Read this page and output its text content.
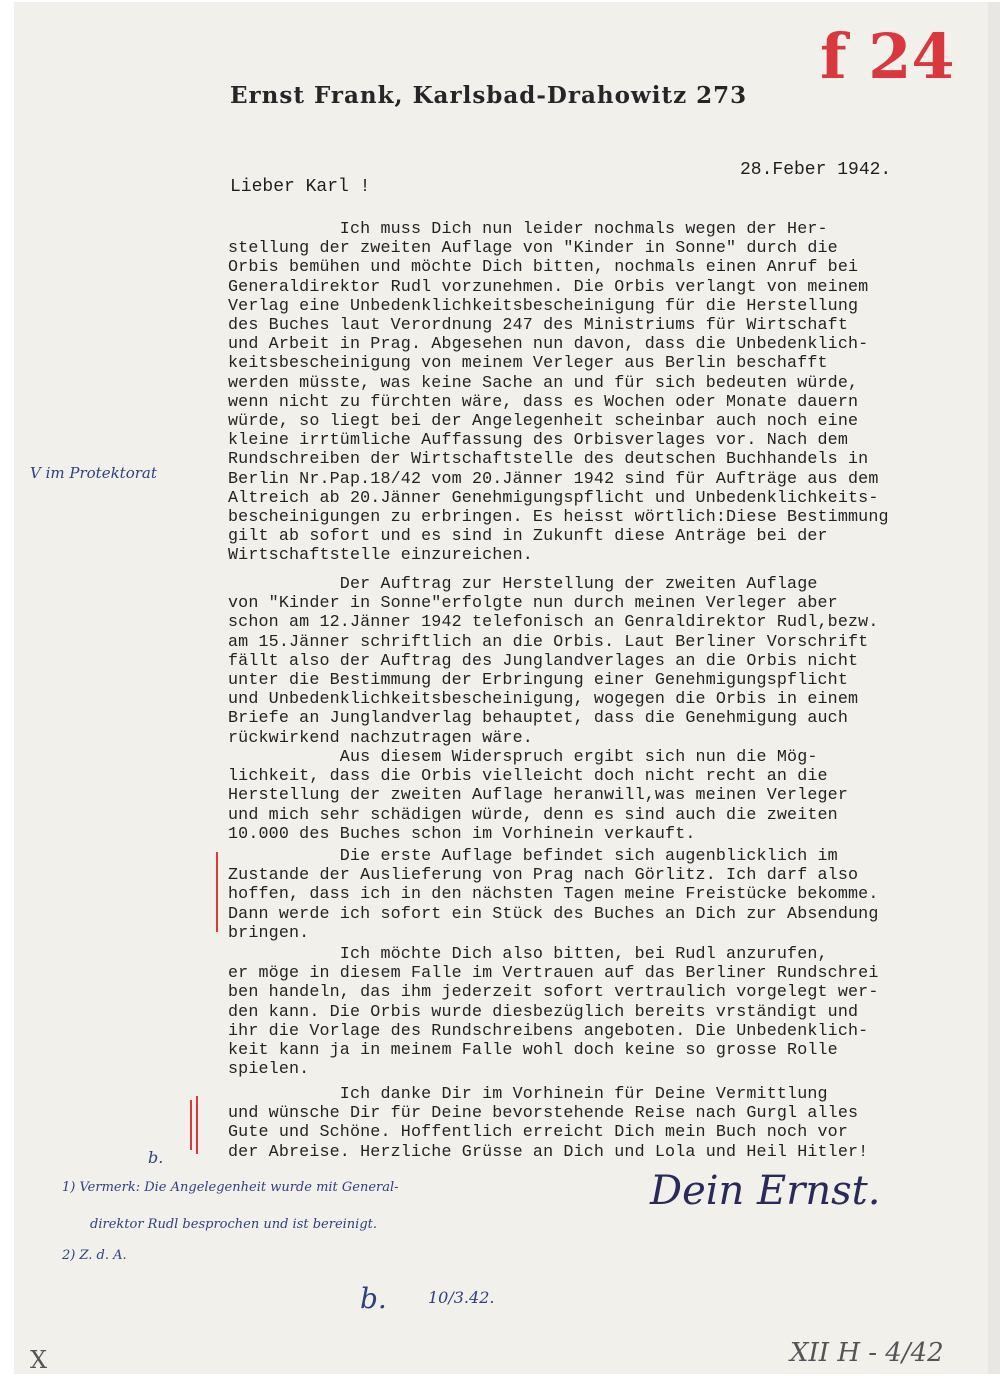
Ernst Frank, Karlsbad-Drahowitz 273
28.Feber 1942.
Lieber Karl !
Ich muss Dich nun leider nochmals wegen der Her-
stellung der zweiten Auflage von "Kinder in Sonne" durch die
Orbis bemühen und möchte Dich bitten, nochmals einen Anruf bei
Generaldirektor Rudl vorzunehmen. Die Orbis verlangt von meinem
Verlag eine Unbedenklichkeitsbescheinigung für die Herstellung
des Buches laut Verordnung 247 des Ministriums für Wirtschaft
und Arbeit in Prag. Abgesehen nun davon, dass die Unbedenklich-
keitsbescheinigung von meinem Verleger aus Berlin beschafft
werden müsste, was keine Sache an und für sich bedeuten würde,
wenn nicht zu fürchten wäre, dass es Wochen oder Monate dauern
würde, so liegt bei der Angelegenheit scheinbar auch noch eine
kleine irrtümliche Auffassung des Orbisverlages vor. Nach dem
Rundschreiben der Wirtschaftstelle des deutschen Buchhandels in
Berlin Nr.Pap.18/42 vom 20.Jänner 1942 sind für Aufträge aus dem
Altreich ab 20.Jänner Genehmigungspflicht und Unbedenklichkeits-
bescheinigungen zu erbringen. Es heisst wörtlich:Diese Bestimmung
gilt ab sofort und es sind in Zukunft diese Anträge bei der
Wirtschaftstelle einzureichen.
Der Auftrag zur Herstellung der zweiten Auflage
von "Kinder in Sonne"erfolgte nun durch meinen Verleger aber
schon am 12.Jänner 1942 telefonisch an Genraldirektor Rudl,bezw.
am 15.Jänner schriftlich an die Orbis. Laut Berliner Vorschrift
fällt also der Auftrag des Junglandverlages an die Orbis nicht
unter die Bestimmung der Erbringung einer Genehmigungspflicht
und Unbedenklichkeitsbescheinigung, wogegen die Orbis in einem
Briefe an Junglandverlag behauptet, dass die Genehmigung auch
rückwirkend nachzutragen wäre.
Aus diesem Widerspruch ergibt sich nun die Mög-
lichkeit, dass die Orbis vielleicht doch nicht recht an die
Herstellung der zweiten Auflage heranwill,was meinen Verleger
und mich sehr schädigen würde, denn es sind auch die zweiten
10.000 des Buches schon im Vorhinein verkauft.
Die erste Auflage befindet sich augenblicklich im
Zustande der Auslieferung von Prag nach Görlitz. Ich darf also
hoffen, dass ich in den nächsten Tagen meine Freistücke bekomme.
Dann werde ich sofort ein Stück des Buches an Dich zur Absendung
bringen.
Ich möchte Dich also bitten, bei Rudl anzurufen,
er möge in diesem Falle im Vertrauen auf das Berliner Rundschrei
ben handeln, das ihm jederzeit sofort vertraulich vorgelegt wer-
den kann. Die Orbis wurde diesbezüglich bereits vrständigt und
ihr die Vorlage des Rundschreibens angeboten. Die Unbedenklich-
keit kann ja in meinem Falle wohl doch keine so grosse Rolle
spielen.
Ich danke Dir im Vorhinein für Deine Vermittlung
und wünsche Dir für Deine bevorstehende Reise nach Gurgl alles
Gute und Schöne. Hoffentlich erreicht Dich mein Buch noch vor
der Abreise. Herzliche Grüsse an Dich und Lola und Heil Hitler!
f 24
V im Protektorat
Dein Ernst.
b.
1) Vermerk: Die Angelegenheit wurde mit General-
direktor Rudl besprochen und ist bereinigt.
2) Z. d. A.
b.	10/3.42.
XII H - 4/42
X
